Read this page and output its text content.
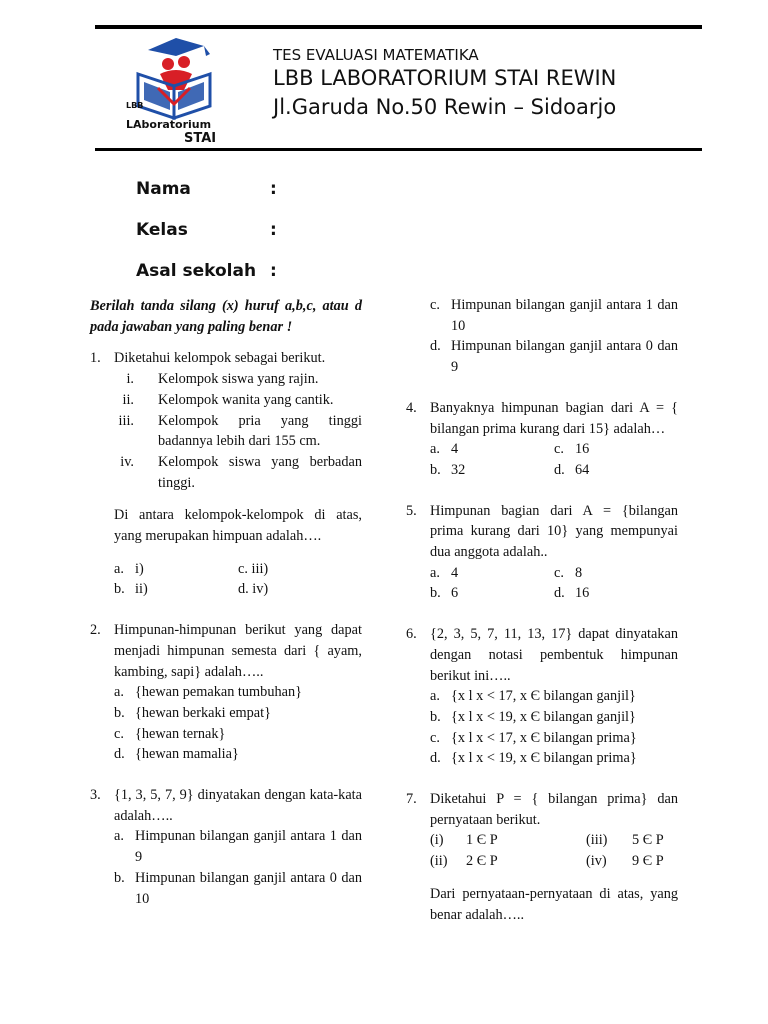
LBB
LAboratorium
STAI
TES EVALUASI MATEMATIKA
LBB LABORATORIUM STAI REWIN
Jl.Garuda No.50 Rewin – Sidoarjo
Nama	:
Kelas	:
Asal sekolah :
Berilah tanda silang (x) huruf a,b,c, atau d pada jawaban yang paling benar !
1. Diketahui kelompok sebagai berikut.
i.	Kelompok siswa yang rajin.
ii.	Kelompok wanita yang cantik.
iii.	Kelompok pria yang tinggi badannya lebih dari 155 cm.
iv.	Kelompok siswa yang berbadan tinggi.
Di antara kelompok-kelompok di atas, yang merupakan himpuan adalah….
a. i)	c. iii)
b. ii)	d. iv)
2. Himpunan-himpunan berikut yang dapat menjadi himpunan semesta dari { ayam, kambing, sapi} adalah…..
a. {hewan pemakan tumbuhan}
b. {hewan berkaki empat}
c. {hewan ternak}
d. {hewan mamalia}
3. {1, 3, 5, 7, 9} dinyatakan dengan kata-kata adalah…..
a. Himpunan bilangan ganjil antara 1 dan 9
b. Himpunan bilangan ganjil antara 0 dan 10
c. Himpunan bilangan ganjil antara 1 dan 10
d. Himpunan bilangan ganjil antara 0 dan 9
4. Banyaknya himpunan bagian dari A = { bilangan prima kurang dari 15} adalah…
a. 4	c. 16
b. 32	d. 64
5. Himpunan bagian dari A = {bilangan prima kurang dari 10} yang mempunyai dua anggota adalah..
a. 4	c. 8
b. 6	d. 16
6. {2, 3, 5, 7, 11, 13, 17} dapat dinyatakan dengan notasi pembentuk himpunan berikut ini…..
a. {x l x < 17, x Є bilangan ganjil}
b. {x l x < 19, x Є bilangan ganjil}
c. {x l x < 17, x Є bilangan prima}
d. {x l x < 19, x Є bilangan prima}
7. Diketahui P = { bilangan prima} dan pernyataan berikut.
(i)	1 Є P	(iii)	5 Є P
(ii)	2 Є P	(iv)	9 Є P
Dari pernyataan-pernyataan di atas, yang benar adalah…..
